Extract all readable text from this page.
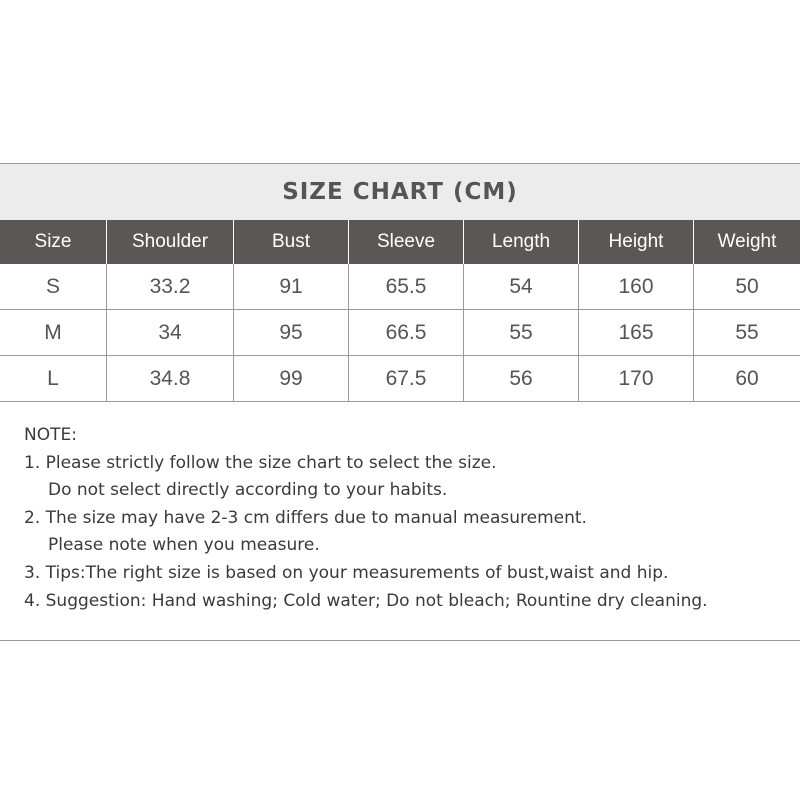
SIZE CHART (CM)
Size	Shoulder	Bust	Sleeve	Length	Height	Weight
S	33.2	91	65.5	54	160	50
M	34	95	66.5	55	165	55
L	34.8	99	67.5	56	170	60
NOTE:
1. Please strictly follow the size chart to select the size.
Do not select directly according to your habits.
2. The size may have 2-3 cm differs due to manual measurement.
Please note when you measure.
3. Tips:The right size is based on your measurements of bust,waist and hip.
4. Suggestion: Hand washing; Cold water; Do not bleach; Rountine dry cleaning.
